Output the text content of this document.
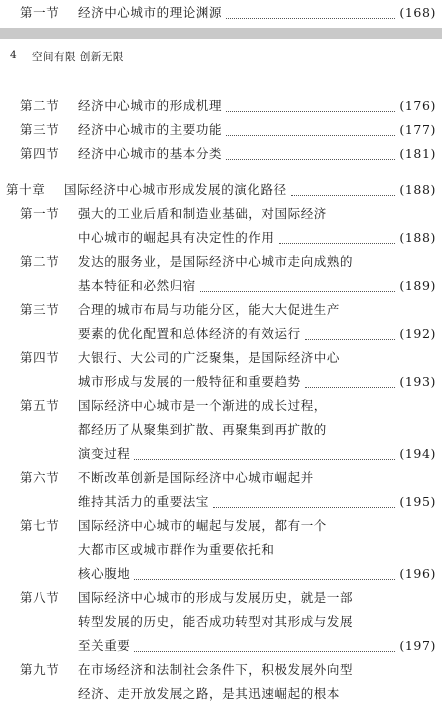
第一节	经济中心城市的理论渊源	(168)
4 空间有限 创新无限
第二节	经济中心城市的形成机理	(176)
第三节	经济中心城市的主要功能	(177)
第四节	经济中心城市的基本分类	(181)
第十章	国际经济中心城市形成发展的演化路径	(188)
第一节	强大的工业后盾和制造业基础，对国际经济
中心城市的崛起具有决定性的作用	(188)
第二节	发达的服务业，是国际经济中心城市走向成熟的
基本特征和必然归宿	(189)
第三节	合理的城市布局与功能分区，能大大促进生产
要素的优化配置和总体经济的有效运行	(192)
第四节	大银行、大公司的广泛聚集，是国际经济中心
城市形成与发展的一般特征和重要趋势	(193)
第五节	国际经济中心城市是一个渐进的成长过程，
都经历了从聚集到扩散、再聚集到再扩散的
演变过程	(194)
第六节	不断改革创新是国际经济中心城市崛起并
维持其活力的重要法宝	(195)
第七节	国际经济中心城市的崛起与发展，都有一个
大都市区或城市群作为重要依托和
核心腹地	(196)
第八节	国际经济中心城市的形成与发展历史，就是一部
转型发展的历史，能否成功转型对其形成与发展
至关重要	(197)
第九节	在市场经济和法制社会条件下，积极发展外向型
经济、走开放发展之路，是其迅速崛起的根本
